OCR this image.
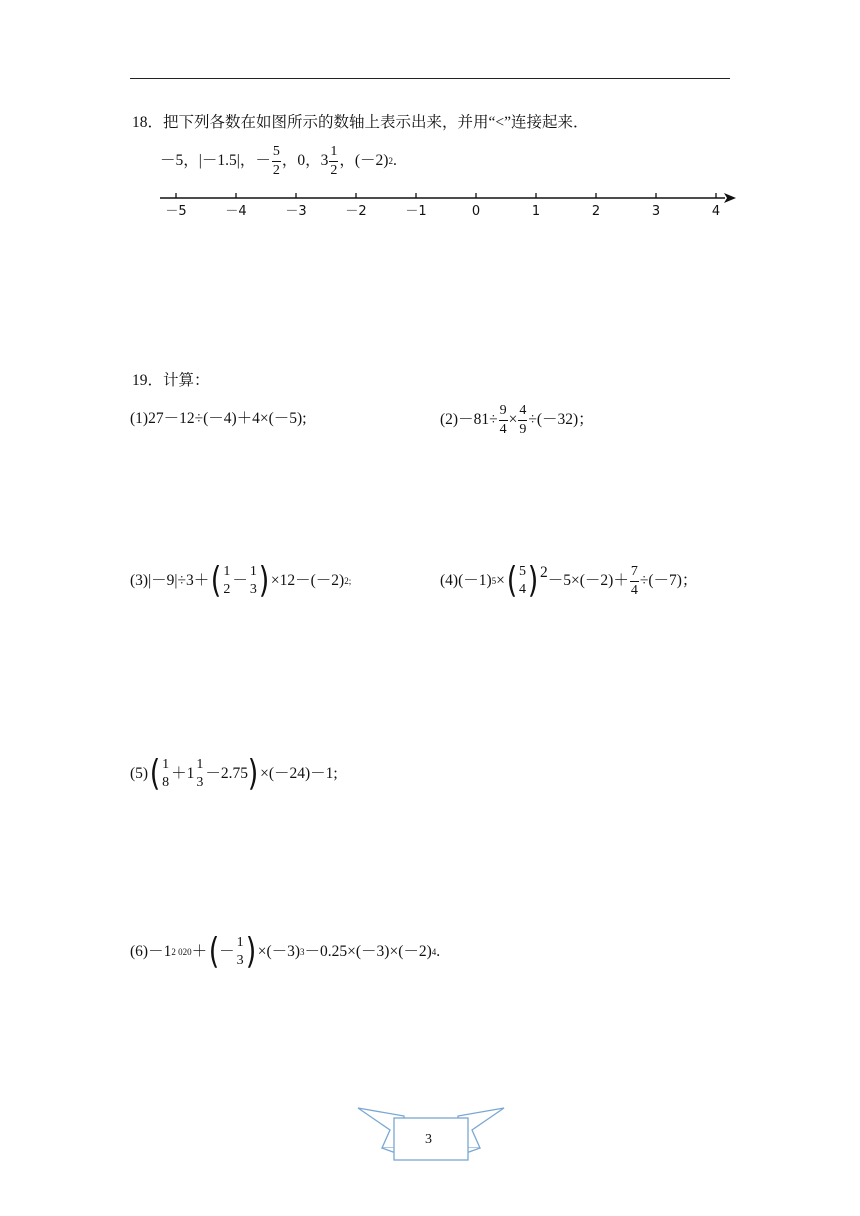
18．把下列各数在如图所示的数轴上表示出来，并用“<”连接起来．
－5，|－1.5|，－ $\frac{5}{2}$ ，0，$3 \frac{1}{2}$ ，(－2) 2 .
－5	－4	－3	－2	－1	0	1	2	3	4
19．计算：
(1)27－12÷(－4)＋4×(－5);	$(2)-81\div \frac{9}{4} \times \frac{4}{9} \div(-32)$；
(3)|－9|÷3＋ ( 1
2
－
1
3 ) ×12－(－2) 2;	(4)(－1) 5 × ( 5
4 ) $2 -5\times(-2)+ \frac{7}{4} \div(-7)$；
(5) ( 1
8
＋1
1
3
－2.75 ) ×(－24)－1;
(6)－1 2 020 ＋ ( －
1
3 ) ×(－3) 3 －0.25×(－3)×(－2) 4 .
3
